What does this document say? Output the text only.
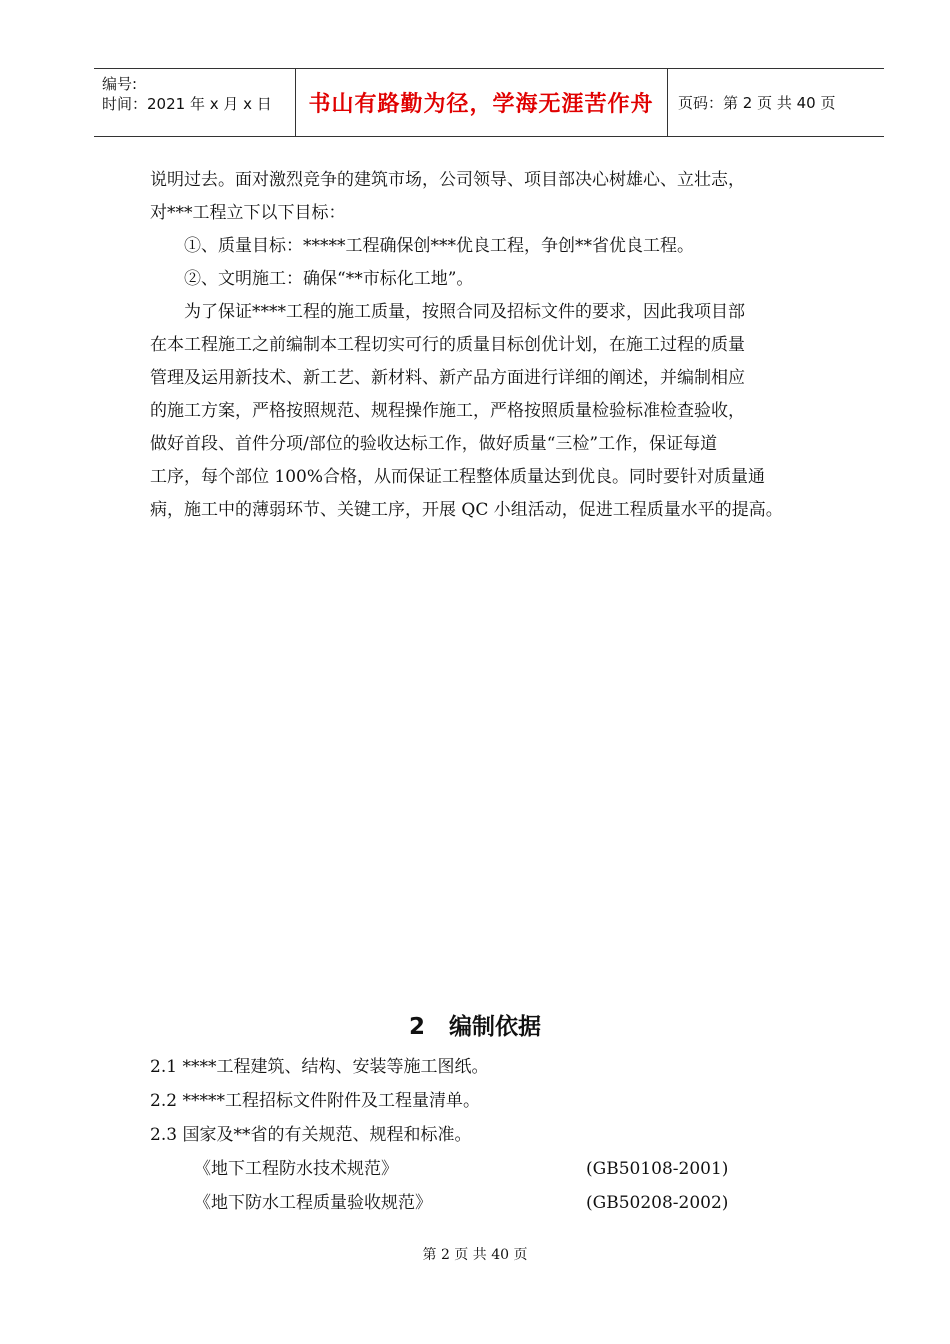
编号:
时间：2021 年 x 月 x 日 书山有路勤为径，学海无涯苦作舟 页码：第 2 页 共 40 页

说明过去。面对激烈竞争的建筑市场，公司领导、项目部决心树雄心、立壮志，

对***工程立下以下目标：

①、质量目标：*****工程确保创***优良工程，争创**省优良工程。

②、文明施工：确保“**市标化工地”。

为了保证****工程的施工质量，按照合同及招标文件的要求，因此我项目部

在本工程施工之前编制本工程切实可行的质量目标创优计划，在施工过程的质量

管理及运用新技术、新工艺、新材料、新产品方面进行详细的阐述，并编制相应

的施工方案，严格按照规范、规程操作施工，严格按照质量检验标准检查验收，

做好首段、首件分项/部位的验收达标工作，做好质量“三检”工作，保证每道

工序，每个部位 100%合格，从而保证工程整体质量达到优良。同时要针对质量通

病，施工中的薄弱环节、关键工序，开展 QC 小组活动，促进工程质量水平的提高。

2 编制依据

2.1 ****工程建筑、结构、安装等施工图纸。

2.2 *****工程招标文件附件及工程量清单。

2.3 国家及**省的有关规范、规程和标准。

《地下工程防水技术规范》	(GB50108-2001)

《地下防水工程质量验收规范》	(GB50208-2002)

第 2 页 共 40 页
